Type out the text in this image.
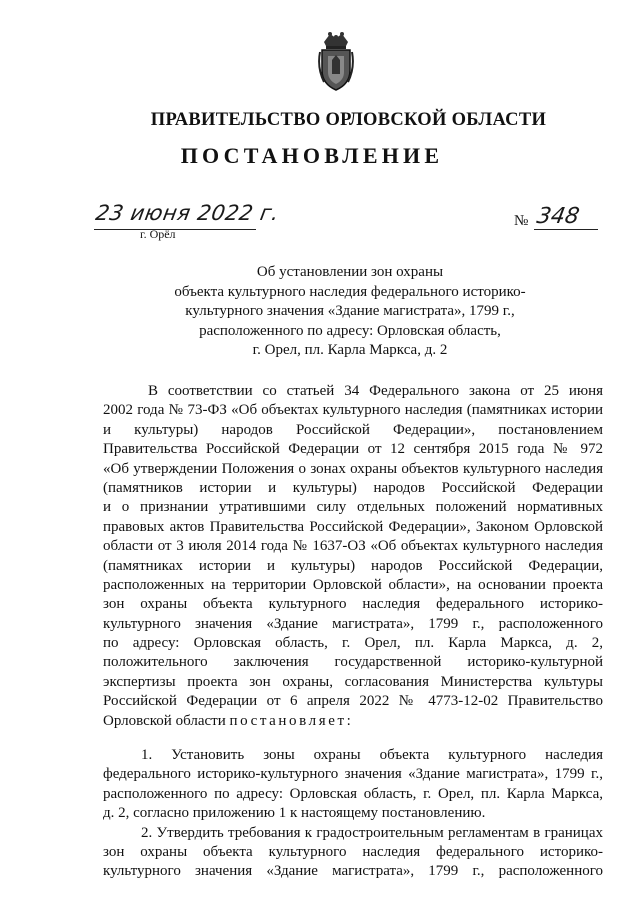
ПРАВИТЕЛЬСТВО ОРЛОВСКОЙ ОБЛАСТИ
ПОСТАНОВЛЕНИЕ
23 июня 2022 г.
г. Орёл
№ 348
Об установлении зон охраны
объекта культурного наследия федерального историко-
культурного значения «Здание магистрата», 1799 г.,
расположенного по адресу: Орловская область,
г. Орел, пл. Карла Маркса, д. 2
В соответствии со статьей 34 Федерального закона от 25 июня
2002 года № 73-ФЗ «Об объектах культурного наследия (памятниках истории
и культуры) народов Российской Федерации», постановлением
Правительства Российской Федерации от 12 сентября 2015 года № 972
«Об утверждении Положения о зонах охраны объектов культурного наследия
(памятников истории и культуры) народов Российской Федерации
и о признании утратившими силу отдельных положений нормативных
правовых актов Правительства Российской Федерации», Законом Орловской
области от 3 июля 2014 года № 1637-ОЗ «Об объектах культурного наследия
(памятниках истории и культуры) народов Российской Федерации,
расположенных на территории Орловской области», на основании проекта
зон охраны объекта культурного наследия федерального историко-
культурного значения «Здание магистрата», 1799 г., расположенного
по адресу: Орловская область, г. Орел, пл. Карла Маркса, д. 2,
положительного заключения государственной историко-культурной
экспертизы проекта зон охраны, согласования Министерства культуры
Российской Федерации от 6 апреля 2022 № 4773-12-02 Правительство
Орловской области постановляет:
1. Установить зоны охраны объекта культурного наследия
федерального историко-культурного значения «Здание магистрата», 1799 г.,
расположенного по адресу: Орловская область, г. Орел, пл. Карла Маркса,
д. 2, согласно приложению 1 к настоящему постановлению.
2. Утвердить требования к градостроительным регламентам в границах
зон охраны объекта культурного наследия федерального историко-
культурного значения «Здание магистрата», 1799 г., расположенного
